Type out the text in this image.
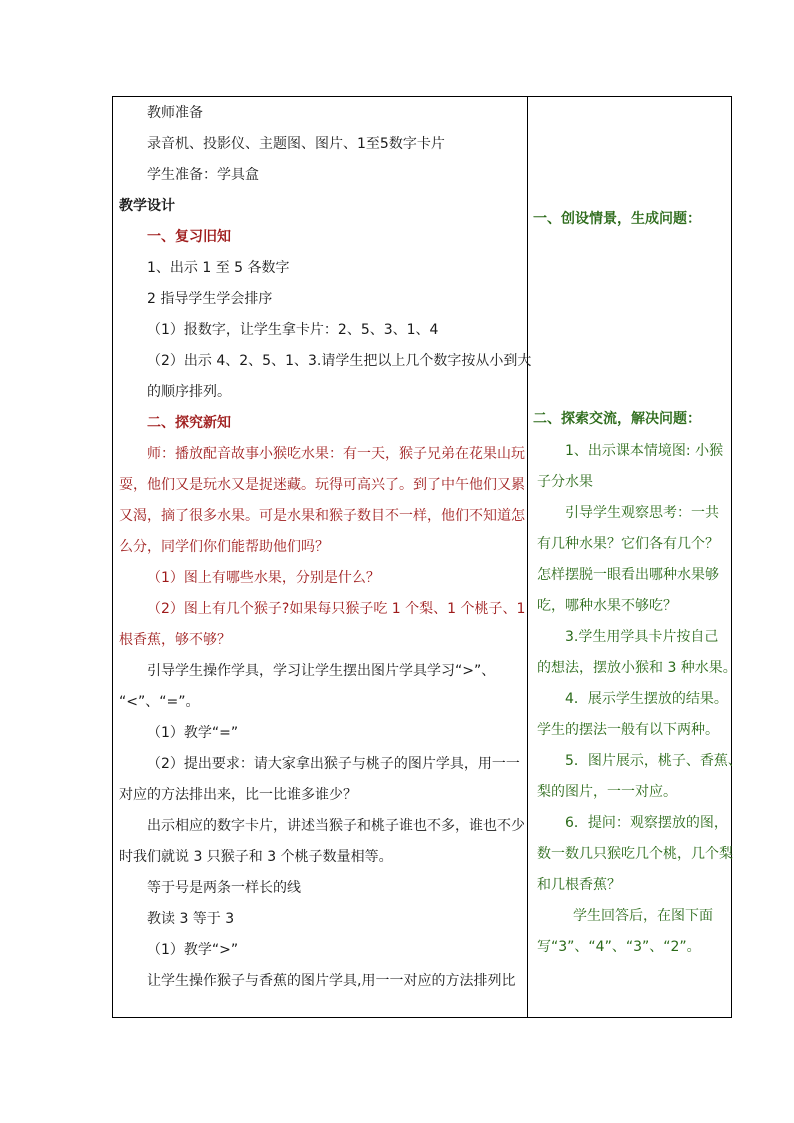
教师准备
录音机、投影仪、主题图、图片、1至5数字卡片
学生准备：学具盒
教学设计
一、复习旧知
1、出示 1 至 5 各数字
2 指导学生学会排序
（1）报数字，让学生拿卡片：2、5、3、1、4
（2）出示 4、2、5、1、3.请学生把以上几个数字按从小到大
的顺序排列。
二、探究新知
师：播放配音故事小猴吃水果：有一天，猴子兄弟在花果山玩
耍，他们又是玩水又是捉迷藏。玩得可高兴了。到了中午他们又累
又渴，摘了很多水果。可是水果和猴子数目不一样，他们不知道怎
么分，同学们你们能帮助他们吗？
（1）图上有哪些水果，分别是什么？
（2）图上有几个猴子?如果每只猴子吃 1 个梨、1 个桃子、1
根香蕉，够不够？
引导学生操作学具，学习让学生摆出图片学具学习“>”、
“<”、“=”。
（1）教学“=”
（2）提出要求：请大家拿出猴子与桃子的图片学具，用一一
对应的方法排出来，比一比谁多谁少？
出示相应的数字卡片，讲述当猴子和桃子谁也不多，谁也不少
时我们就说 3 只猴子和 3 个桃子数量相等。
等于号是两条一样长的线
教读 3 等于 3
（1）教学“>”
让学生操作猴子与香蕉的图片学具,用一一对应的方法排列比
一、创设情景，生成问题：
二、探索交流，解决问题：
1、出示课本情境图: 小猴
子分水果
引导学生观察思考：一共
有几种水果？它们各有几个？
怎样摆脱一眼看出哪种水果够
吃，哪种水果不够吃？
3.学生用学具卡片按自己
的想法，摆放小猴和 3 种水果。
4．展示学生摆放的结果。
学生的摆法一般有以下两种。
5．图片展示，桃子、香蕉、
梨的图片，一一对应。
6．提问：观察摆放的图，
数一数几只猴吃几个桃，几个梨
和几根香蕉？
学生回答后，在图下面
写“3”、“4”、“3”、“2”。
